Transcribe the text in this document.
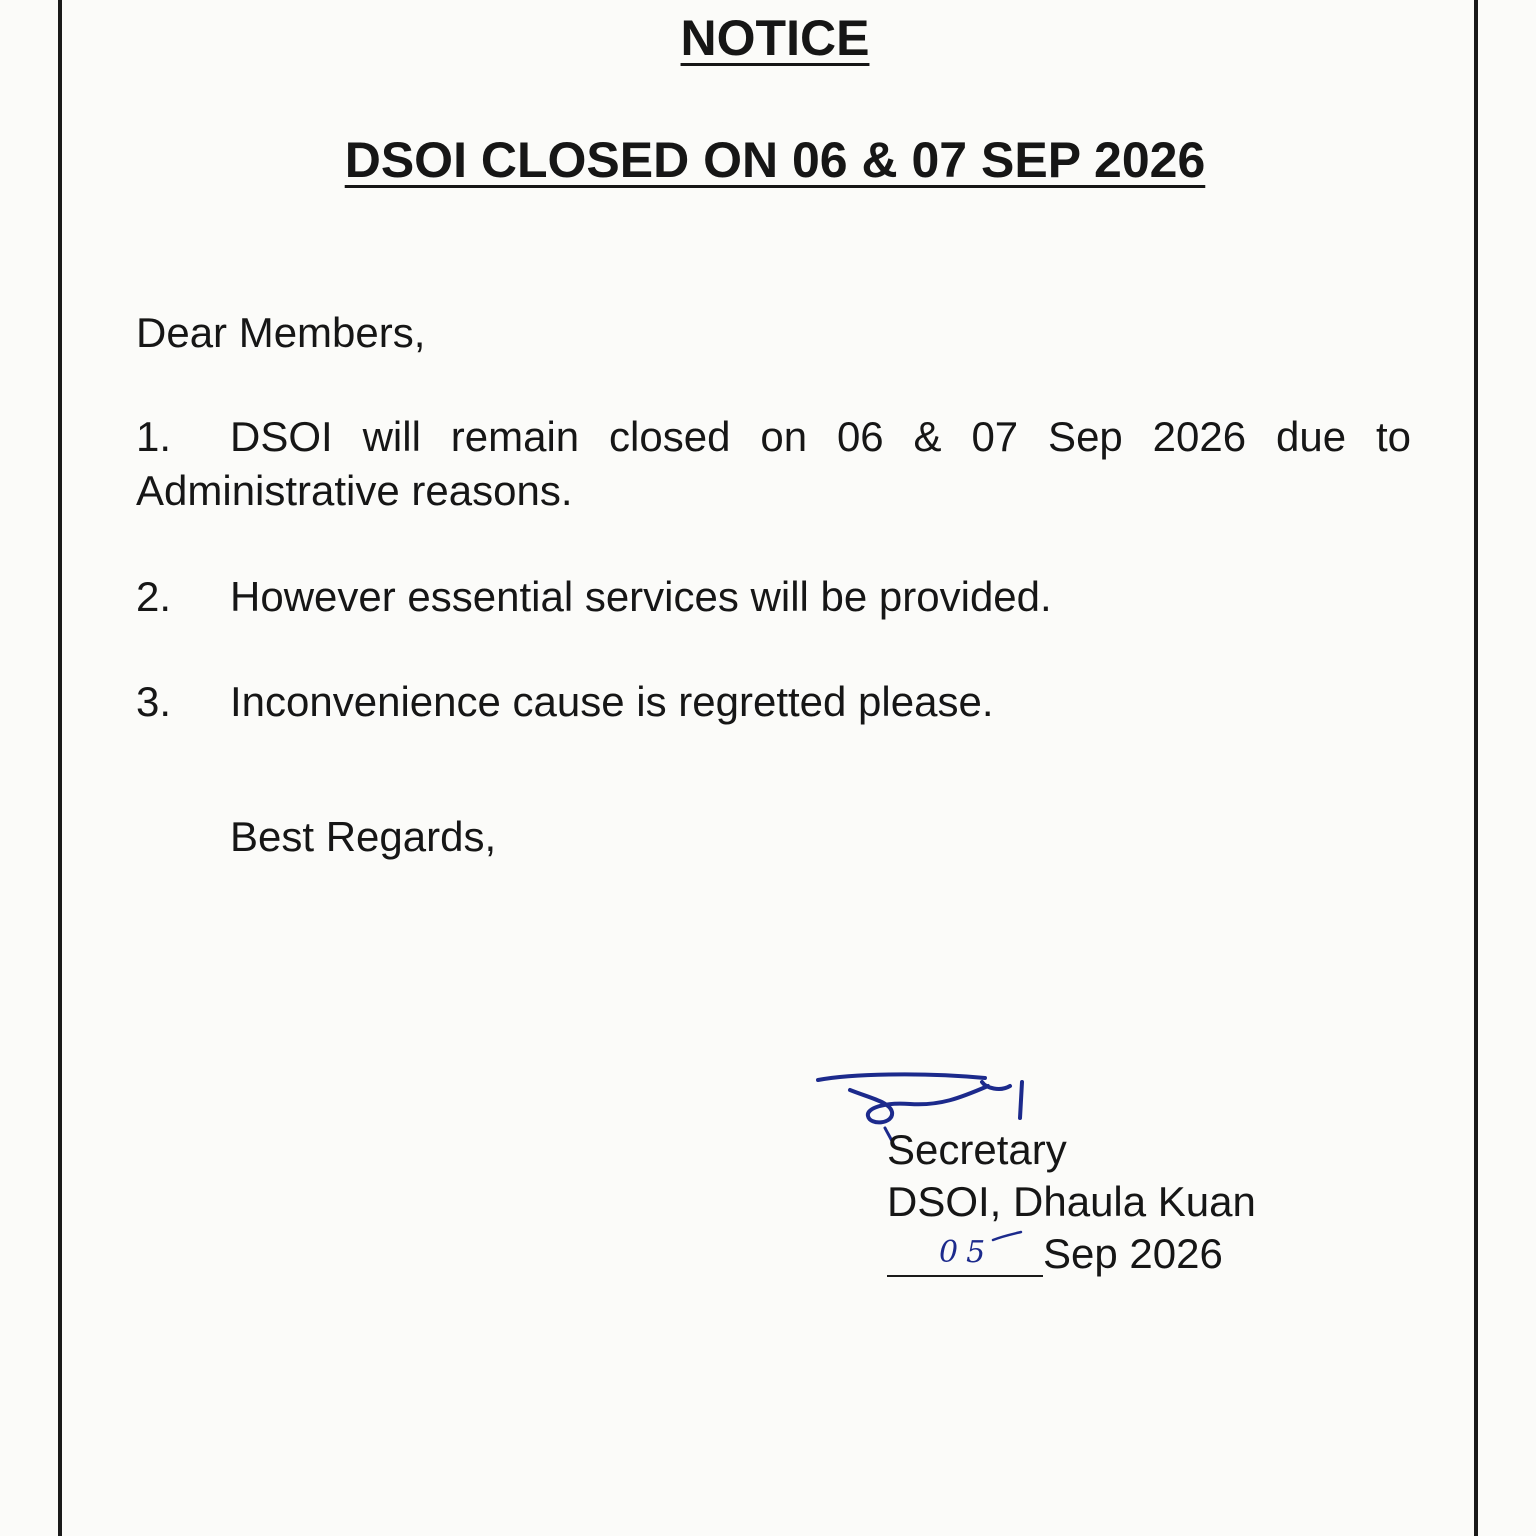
NOTICE
DSOI CLOSED ON 06 & 07 SEP 2026
Dear Members,
1. DSOI will remain closed on 06 & 07 Sep 2026 due to
Administrative reasons.
2. However essential services will be provided.
3. Inconvenience cause is regretted please.
Best Regards,
Secretary
DSOI, Dhaula Kuan
05 Sep 2026
